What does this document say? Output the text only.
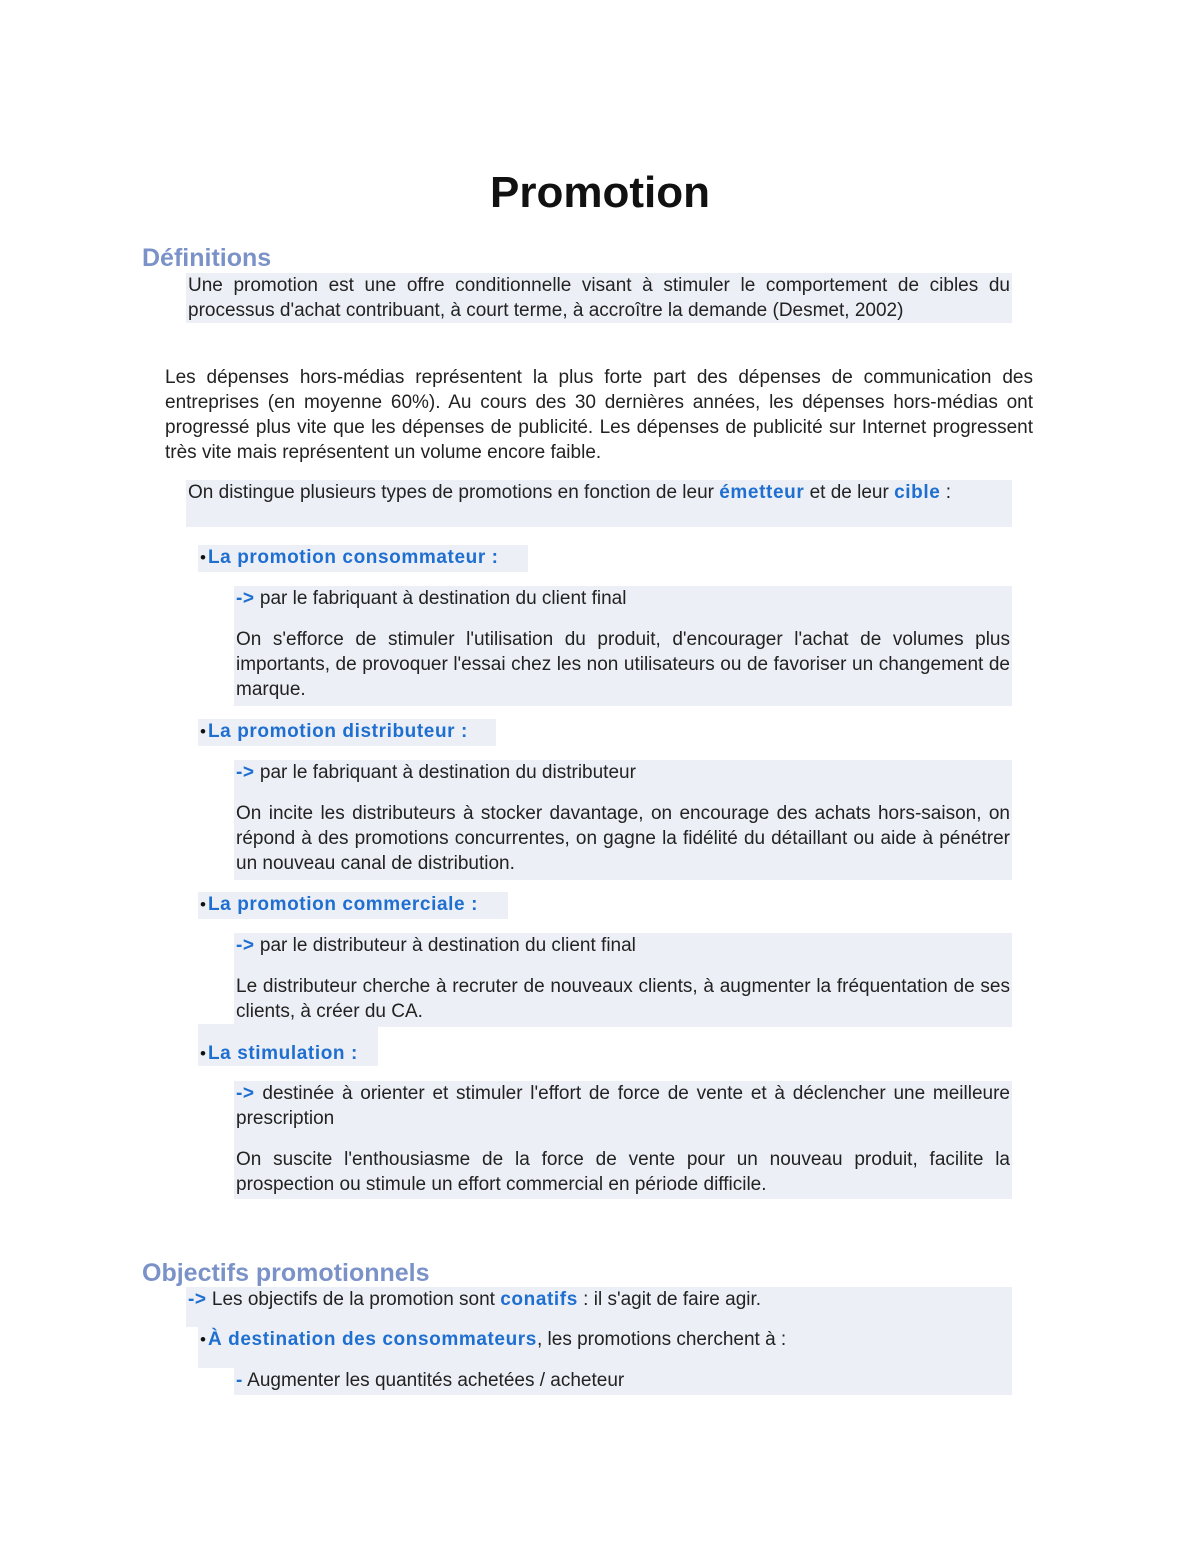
Promotion
Définitions

Une promotion est une offre conditionnelle visant à stimuler le comportement de cibles du processus d'achat contribuant, à court terme, à accroître la demande (Desmet, 2002)

Les dépenses hors-médias représentent la plus forte part des dépenses de communication des entreprises (en moyenne 60%). Au cours des 30 dernières années, les dépenses hors-médias ont progressé plus vite que les dépenses de publicité. Les dépenses de publicité sur Internet progressent très vite mais représentent un volume encore faible.

On distingue plusieurs types de promotions en fonction de leur émetteur et de leur cible :

• La promotion consommateur :

-> par le fabriquant à destination du client final

On s'efforce de stimuler l'utilisation du produit, d'encourager l'achat de volumes plus importants, de provoquer l'essai chez les non utilisateurs ou de favoriser un changement de marque.

• La promotion distributeur :

-> par le fabriquant à destination du distributeur

On incite les distributeurs à stocker davantage, on encourage des achats hors-saison, on répond à des promotions concurrentes, on gagne la fidélité du détaillant ou aide à pénétrer un nouveau canal de distribution.

• La promotion commerciale :

-> par le distributeur à destination du client final

Le distributeur cherche à recruter de nouveaux clients, à augmenter la fréquentation de ses clients, à créer du CA.

• La stimulation :

-> destinée à orienter et stimuler l'effort de force de vente et à déclencher une meilleure prescription

On suscite l'enthousiasme de la force de vente pour un nouveau produit, facilite la prospection ou stimule un effort commercial en période difficile.

Objectifs promotionnels

-> Les objectifs de la promotion sont conatifs : il s'agit de faire agir.

• À destination des consommateurs , les promotions cherchent à :

- Augmenter les quantités achetées / acheteur
